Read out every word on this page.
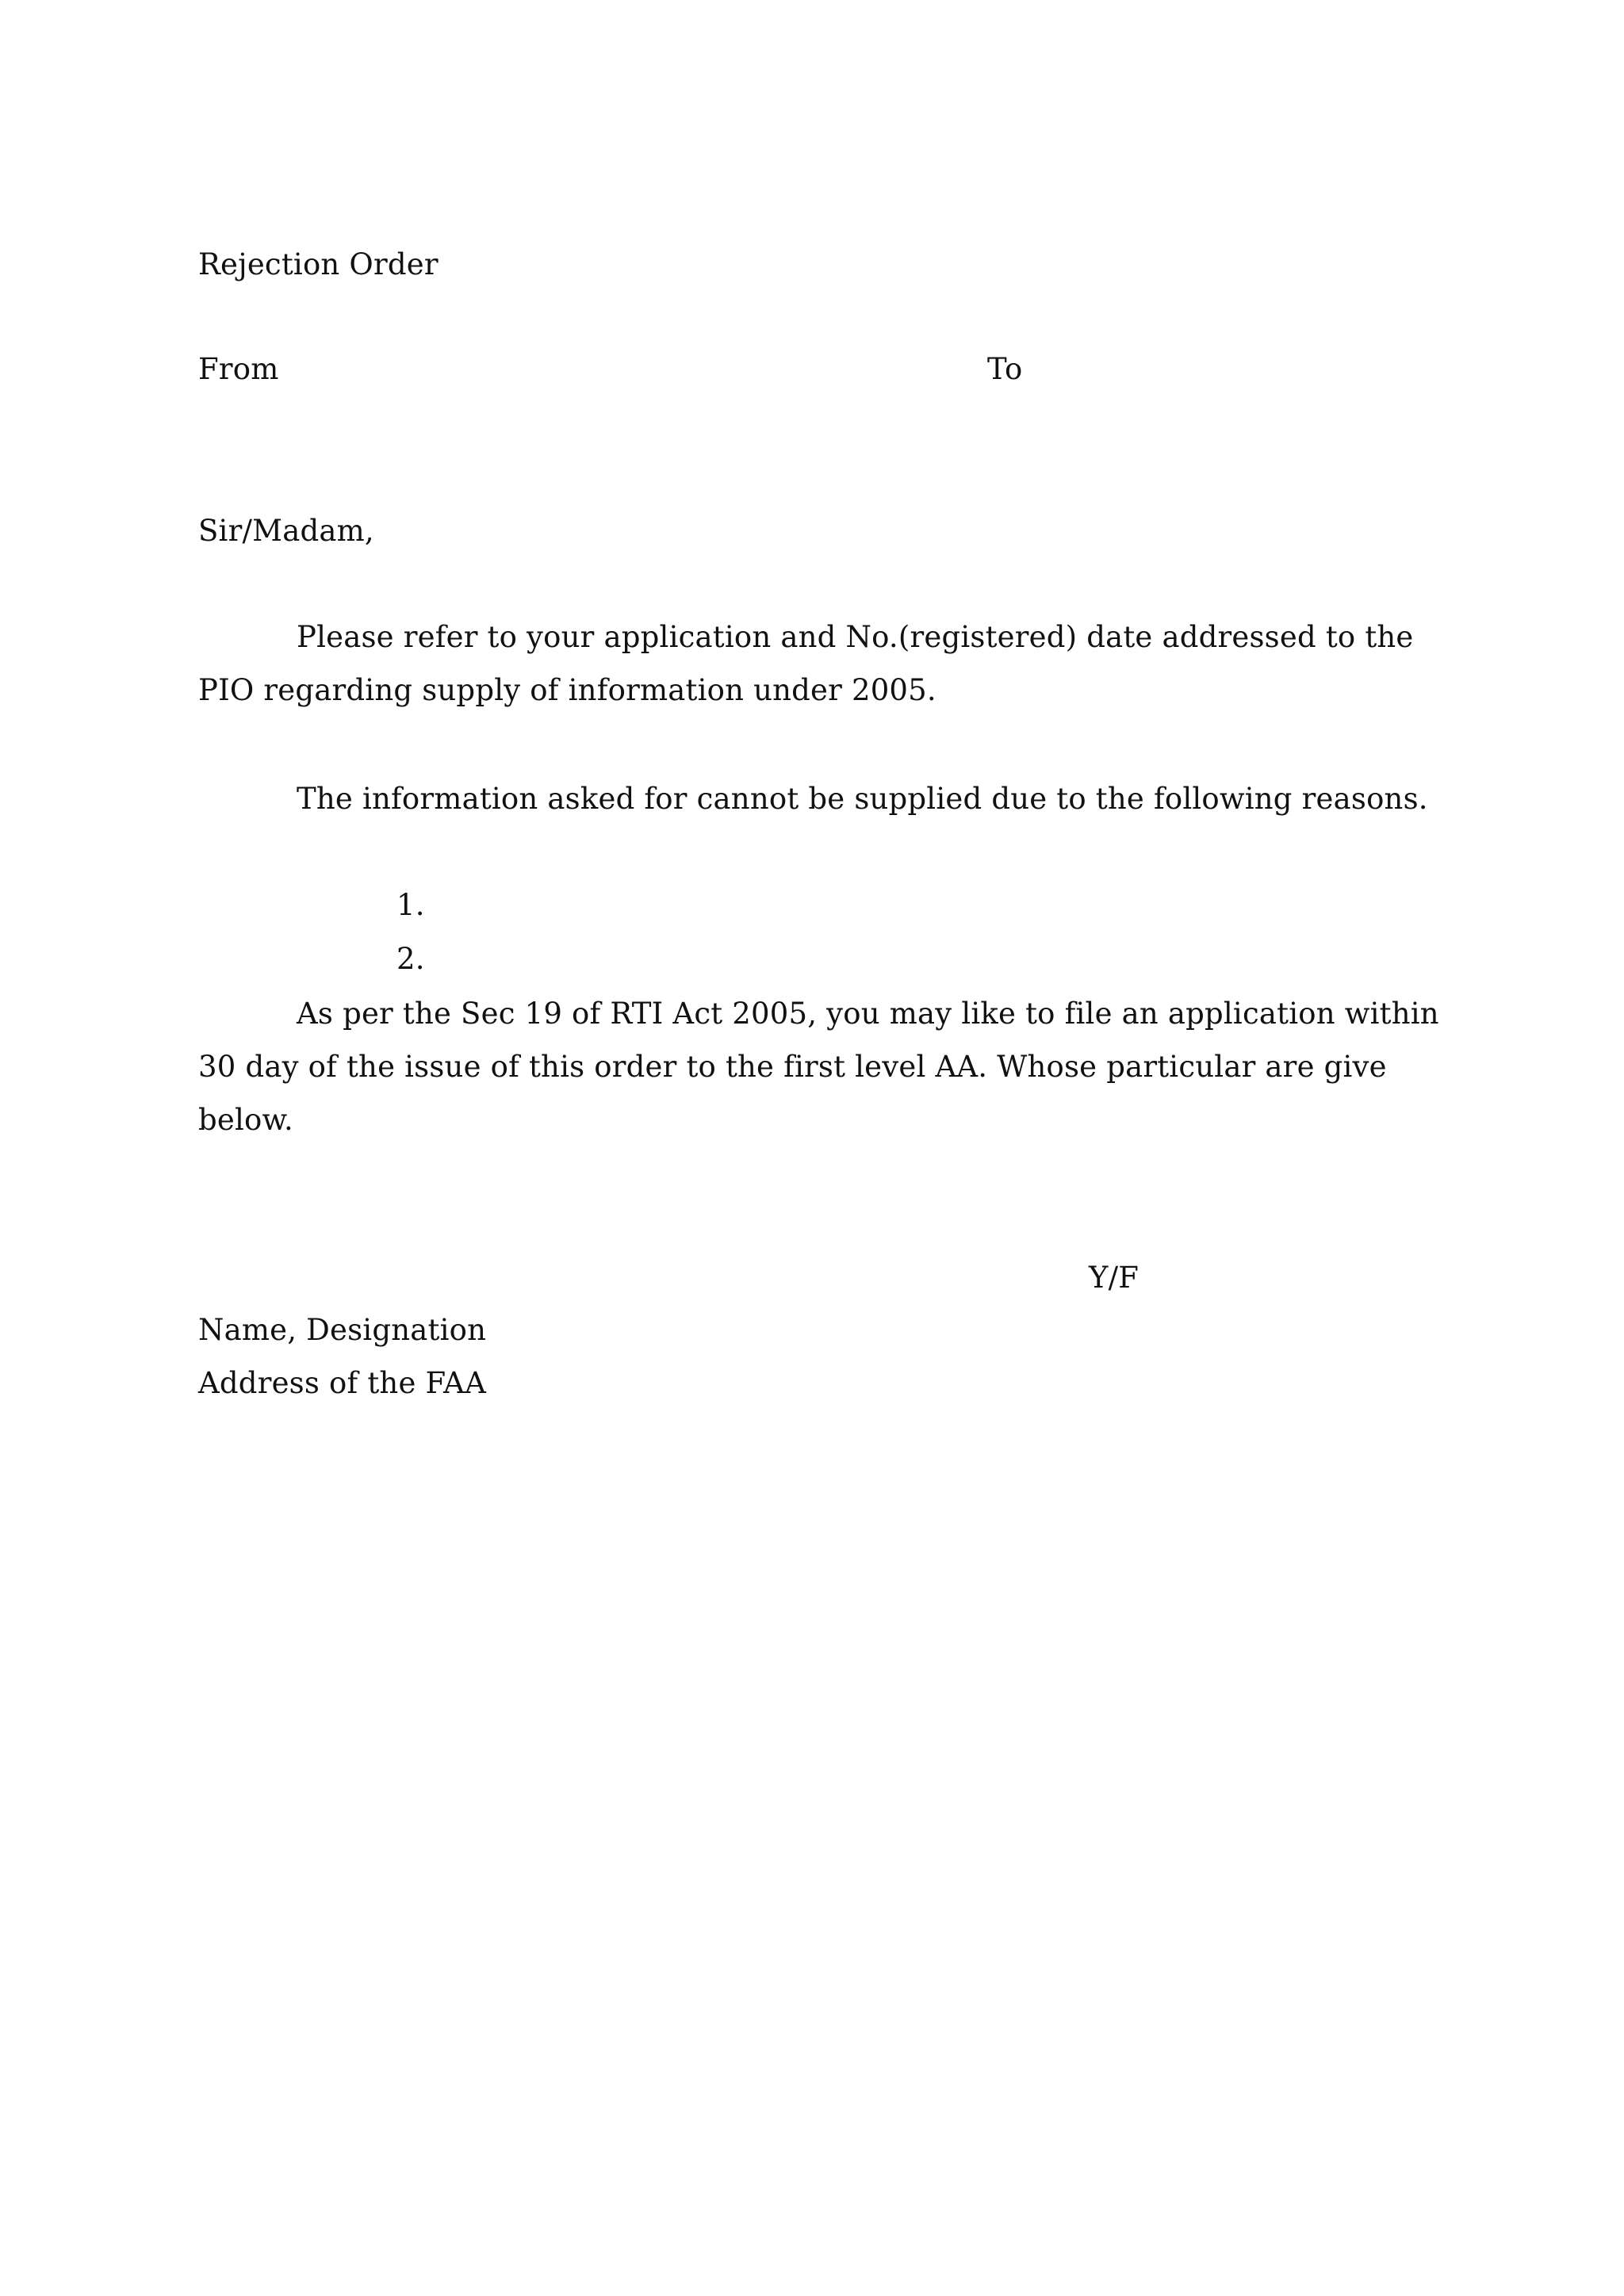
Rejection Order
From	To
Sir/Madam,
Please refer to your application and No.(registered) date addressed to the
PIO regarding supply of information under 2005.
The information asked for cannot be supplied due to the following reasons.
1.
2.
As per the Sec 19 of RTI Act 2005, you may like to file an application within
30 day of the issue of this order to the first level AA. Whose particular are give
below.
Y/F
Name, Designation
Address of the FAA
